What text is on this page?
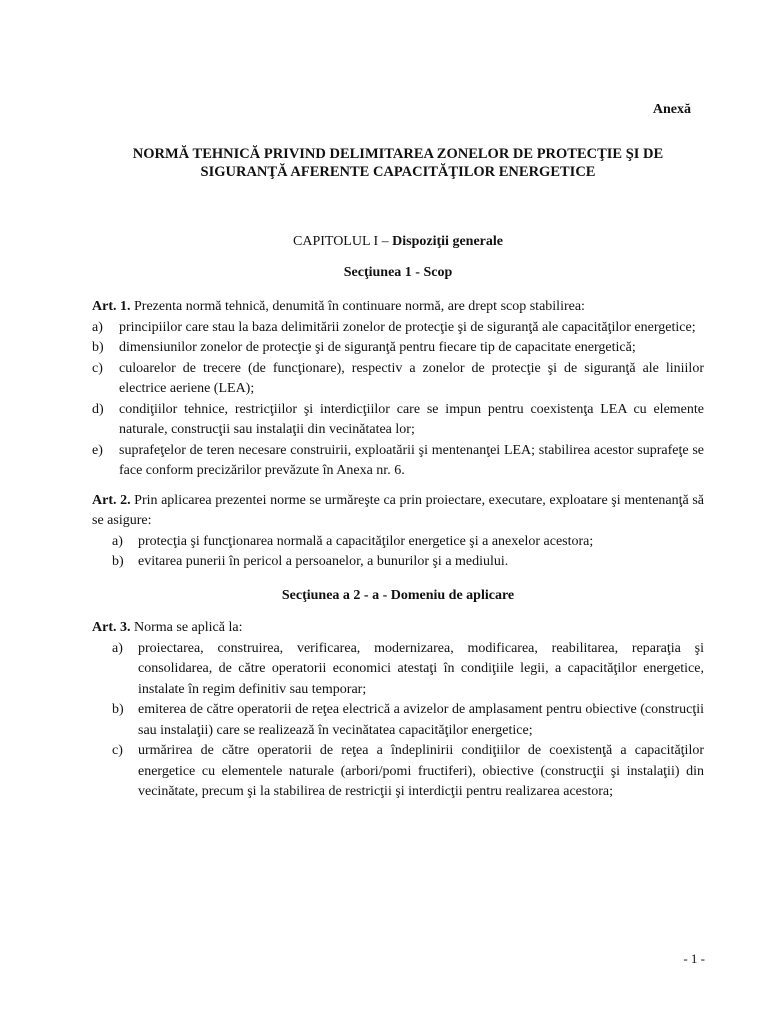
Anexă
NORMĂ TEHNICĂ PRIVIND DELIMITAREA ZONELOR DE PROTECŢIE ŞI DE
SIGURANŢĂ AFERENTE CAPACITĂŢILOR ENERGETICE
CAPITOLUL I – Dispoziţii generale
Secţiunea 1 - Scop

Art. 1. Prezenta normă tehnică, denumită în continuare normă, are drept scop stabilirea:

a) principiilor care stau la baza delimitării zonelor de protecţie şi de siguranţă ale capacităţilor energetice;
b) dimensiunilor zonelor de protecţie şi de siguranţă pentru fiecare tip de capacitate energetică;
c) culoarelor de trecere (de funcţionare), respectiv a zonelor de protecţie şi de siguranţă ale liniilor electrice aeriene (LEA);
d) condiţiilor tehnice, restricţiilor şi interdicţiilor care se impun pentru coexistenţa LEA cu elemente naturale, construcţii sau instalaţii din vecinătatea lor;
e) suprafeţelor de teren necesare construirii, exploatării şi mentenanţei LEA; stabilirea acestor suprafeţe se face conform precizărilor prevăzute în Anexa nr. 6.

Art. 2. Prin aplicarea prezentei norme se urmăreşte ca prin proiectare, executare, exploatare şi mentenanţă să se asigure:

a) protecţia şi funcţionarea normală a capacităţilor energetice şi a anexelor acestora;
b) evitarea punerii în pericol a persoanelor, a bunurilor şi a mediului.
Secţiunea a 2 - a - Domeniu de aplicare

Art. 3. Norma se aplică la:

a) proiectarea, construirea, verificarea, modernizarea, modificarea, reabilitarea, reparaţia şi consolidarea, de către operatorii economici atestaţi în condiţiile legii, a capacităţilor energetice, instalate în regim definitiv sau temporar;
b) emiterea de către operatorii de reţea electrică a avizelor de amplasament pentru obiective (construcţii sau instalaţii) care se realizează în vecinătatea capacităţilor energetice;
c) urmărirea de către operatorii de reţea a îndeplinirii condiţiilor de coexistenţă a capacităţilor energetice cu elementele naturale (arbori/pomi fructiferi), obiective (construcţii şi instalaţii) din vecinătate, precum şi la stabilirea de restricţii şi interdicţii pentru realizarea acestora;
- 1 -
